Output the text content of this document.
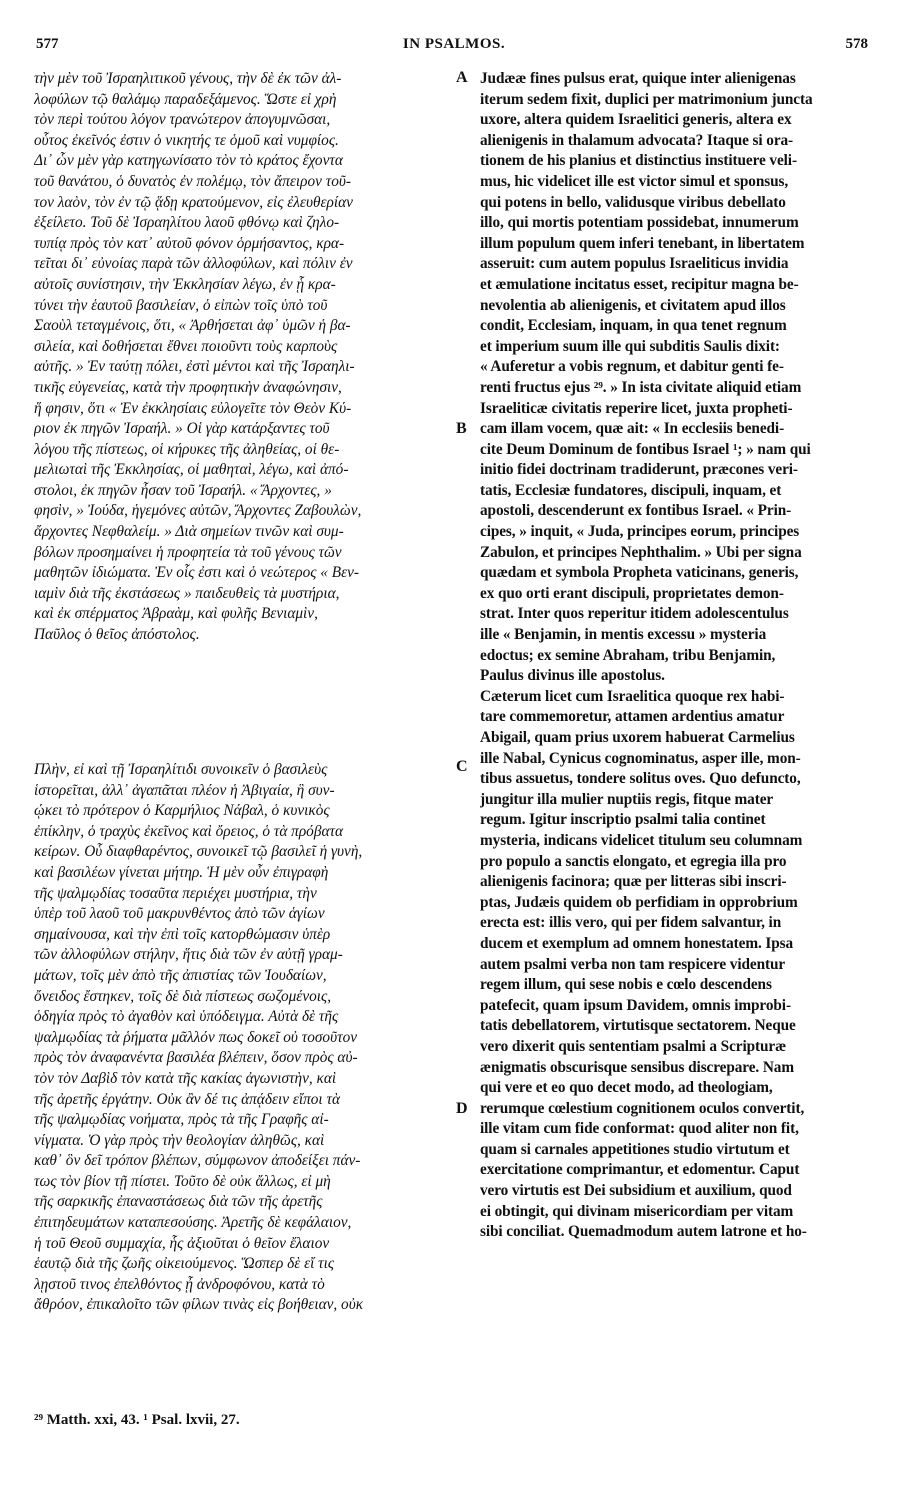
577	IN PSALMOS.	578
τὴν μὲν τοῦ Ἰσραηλιτικοῦ γένους, τὴν δὲ ἐκ τῶν ἀλ-
λοφύλων τῷ θαλάμῳ παραδεξάμενος. Ὥστε εἰ χρὴ
τὸν περὶ τούτου λόγον τρανώτερον ἀπογυμνῶσαι,
οὗτος ἐκεῖνός ἐστιν ὁ νικητής τε ὁμοῦ καὶ νυμφίος.
Δι᾿ ὧν μὲν γὰρ κατηγωνίσατο τὸν τὸ κράτος ἔχοντα
τοῦ θανάτου, ὁ δυνατὸς ἐν πολέμῳ, τὸν ἄπειρον τοῦ-
τον λαὸν, τὸν ἐν τῷ ᾅδῃ κρατούμενον, εἰς ἐλευθερίαν
ἐξείλετο. Τοῦ δὲ Ἰσραηλίτου λαοῦ φθόνῳ καὶ ζηλο-
τυπίᾳ πρὸς τὸν κατ᾿ αὐτοῦ φόνον ὁρμήσαντος, κρα-
τεῖται δι᾿ εὐνοίας παρὰ τῶν ἀλλοφύλων, καὶ πόλιν ἐν
αὐτοῖς συνίστησιν, τὴν Ἐκκλησίαν λέγω, ἐν ᾗ κρα-
τύνει τὴν ἑαυτοῦ βασιλείαν, ὁ εἰπὼν τοῖς ὑπὸ τοῦ
Σαοὺλ τεταγμένοις, ὅτι, « Ἀρθήσεται ἀφ᾿ ὑμῶν ἡ βα-
σιλεία, καὶ δοθήσεται ἔθνει ποιοῦντι τοὺς καρποὺς
αὐτῆς. » Ἐν ταύτῃ πόλει, ἐστὶ μέντοι καὶ τῆς Ἰσραηλι-
τικῆς εὐγενείας, κατὰ τὴν προφητικὴν ἀναφώνησιν,
ἥ φησιν, ὅτι « Ἐν ἐκκλησίαις εὐλογεῖτε τὸν Θεὸν Κύ-
ριον ἐκ πηγῶν Ἰσραήλ. » Οἱ γὰρ κατάρξαντες τοῦ
λόγου τῆς πίστεως, οἱ κήρυκες τῆς ἀληθείας, οἱ θε-
μελιωταὶ τῆς Ἐκκλησίας, οἱ μαθηταὶ, λέγω, καὶ ἀπό-
στολοι, ἐκ πηγῶν ἦσαν τοῦ Ἰσραήλ. « Ἄρχοντες, »
φησὶν, » Ἰούδα, ἡγεμόνες αὐτῶν, Ἄρχοντες Ζαβουλὼν,
ἄρχοντες Νεφθαλείμ. » Διὰ σημείων τινῶν καὶ συμ-
βόλων προσημαίνει ἡ προφητεία τὰ τοῦ γένους τῶν
μαθητῶν ἰδιώματα. Ἐν οἷς ἐστι καὶ ὁ νεώτερος « Βεν-
ιαμὶν διὰ τῆς ἐκστάσεως » παιδευθεὶς τὰ μυστήρια,
καὶ ἐκ σπέρματος Ἀβραὰμ, καὶ φυλῆς Βενιαμὶν,
Παῦλος ὁ θεῖος ἀπόστολος.
Πλὴν, εἰ καὶ τῇ Ἰσραηλίτιδι συνοικεῖν ὁ βασιλεὺς
ἱστορεῖται, ἀλλ᾿ ἀγαπᾶται πλέον ἡ Ἀβιγαία, ἣ συν-
ῴκει τὸ πρότερον ὁ Καρμήλιος Νάβαλ, ὁ κυνικὸς
ἐπίκλην, ὁ τραχὺς ἐκεῖνος καὶ ὄρειος, ὁ τὰ πρόβατα
κείρων. Οὗ διαφθαρέντος, συνοικεῖ τῷ βασιλεῖ ἡ γυνὴ,
καὶ βασιλέων γίνεται μήτηρ. Ἡ μὲν οὖν ἐπιγραφὴ
τῆς ψαλμῳδίας τοσαῦτα περιέχει μυστήρια, τὴν
ὑπὲρ τοῦ λαοῦ τοῦ μακρυνθέντος ἀπὸ τῶν ἁγίων
σημαίνουσα, καὶ τὴν ἐπὶ τοῖς κατορθώμασιν ὑπὲρ
τῶν ἀλλοφύλων στήλην, ἥτις διὰ τῶν ἐν αὐτῇ γραμ-
μάτων, τοῖς μὲν ἀπὸ τῆς ἀπιστίας τῶν Ἰουδαίων,
ὄνειδος ἔστηκεν, τοῖς δὲ διὰ πίστεως σωζομένοις,
ὁδηγία πρὸς τὸ ἀγαθὸν καὶ ὑπόδειγμα. Αὐτὰ δὲ τῆς
ψαλμῳδίας τὰ ῥήματα μᾶλλόν πως δοκεῖ οὐ τοσοῦτον
πρὸς τὸν ἀναφανέντα βασιλέα βλέπειν, ὅσον πρὸς αὐ-
τὸν τὸν Δαβὶδ τὸν κατὰ τῆς κακίας ἀγωνιστὴν, καὶ
τῆς ἀρετῆς ἐργάτην. Οὐκ ἂν δέ τις ἀπᾴδειν εἴποι τὰ
τῆς ψαλμῳδίας νοήματα, πρὸς τὰ τῆς Γραφῆς αἰ-
νίγματα. Ὁ γὰρ πρὸς τὴν θεολογίαν ἀληθῶς, καὶ
καθ᾿ ὃν δεῖ τρόπον βλέπων, σύμφωνον ἀποδείξει πάν-
τως τὸν βίον τῇ πίστει. Τοῦτο δὲ οὐκ ἄλλως, εἰ μὴ
τῆς σαρκικῆς ἐπαναστάσεως διὰ τῶν τῆς ἀρετῆς
ἐπιτηδευμάτων καταπεσούσης. Ἀρετῆς δὲ κεφάλαιον,
ἡ τοῦ Θεοῦ συμμαχία, ἧς ἀξιοῦται ὁ θεῖον ἔλαιον
ἑαυτῷ διὰ τῆς ζωῆς οἰκειούμενος. Ὥσπερ δὲ εἴ τις
λῃστοῦ τινος ἐπελθόντος ᾖ ἀνδροφόνου, κατὰ τὸ
ἄθρόον, ἐπικαλοῖτο τῶν φίλων τινὰς εἰς βοήθειαν, οὐκ
Judææ fines pulsus erat, quique inter alienigenas
iterum sedem fixit, duplici per matrimonium juncta
uxore, altera quidem Israelitici generis, altera ex
alienigenis in thalamum advocata? Itaque si ora-
tionem de his planius et distinctius instituere veli-
mus, hic videlicet ille est victor simul et sponsus,
qui potens in bello, validusque viribus debellato
illo, qui mortis potentiam possidebat, innumerum
illum populum quem inferi tenebant, in libertatem
asseruit: cum autem populus Israeliticus invidia
et æmulatione incitatus esset, recipitur magna be-
nevolentia ab alienigenis, et civitatem apud illos
condit, Ecclesiam, inquam, in qua tenet regnum
et imperium suum ille qui subditis Saulis dixit:
« Auferetur a vobis regnum, et dabitur genti fe-
renti fructus ejus ²⁹. » In ista civitate aliquid etiam
Israeliticæ civitatis reperire licet, juxta propheti-
cam illam vocem, quæ ait: « In ecclesiis benedi-
cite Deum Dominum de fontibus Israel ¹; » nam qui
initio fidei doctrinam tradiderunt, præcones veri-
tatis, Ecclesiæ fundatores, discipuli, inquam, et
apostoli, descenderunt ex fontibus Israel. « Prin-
cipes, » inquit, « Juda, principes eorum, principes
Zabulon, et principes Nephthalim. » Ubi per signa
quædam et symbola Propheta vaticinans, generis,
ex quo orti erant discipuli, proprietates demon-
strat. Inter quos reperitur itidem adolescentulus
ille « Benjamin, in mentis excessu » mysteria
edoctus; ex semine Abraham, tribu Benjamin,
Paulus divinus ille apostolus.
Cæterum licet cum Israelitica quoque rex habi-
tare commemoretur, attamen ardentius amatur
Abigail, quam prius uxorem habuerat Carmelius
ille Nabal, Cynicus cognominatus, asper ille, mon-
tibus assuetus, tondere solitus oves. Quo defuncto,
jungitur illa mulier nuptiis regis, fitque mater
regum. Igitur inscriptio psalmi talia continet
mysteria, indicans videlicet titulum seu columnam
pro populo a sanctis elongato, et egregia illa pro
alienigenis facinora; quæ per litteras sibi inscri-
ptas, Judæis quidem ob perfidiam in opprobrium
erecta est: illis vero, qui per fidem salvantur, in
ducem et exemplum ad omnem honestatem. Ipsa
autem psalmi verba non tam respicere videntur
regem illum, qui sese nobis e cœlo descendens
patefecit, quam ipsum Davidem, omnis improbi-
tatis debellatorem, virtutisque sectatorem. Neque
vero dixerit quis sententiam psalmi a Scripturæ
ænigmatis obscurisque sensibus discrepare. Nam
qui vere et eo quo decet modo, ad theologiam,
rerumque cœlestium cognitionem oculos convertit,
ille vitam cum fide conformat: quod aliter non fit,
quam si carnales appetitiones studio virtutum et
exercitatione comprimantur, et edomentur. Caput
vero virtutis est Dei subsidium et auxilium, quod
ei obtingit, qui divinam misericordiam per vitam
sibi conciliat. Quemadmodum autem latrone et ho-
A
B
C
D
²⁹ Matth. xxi, 43. ¹ Psal. lxvii, 27.
